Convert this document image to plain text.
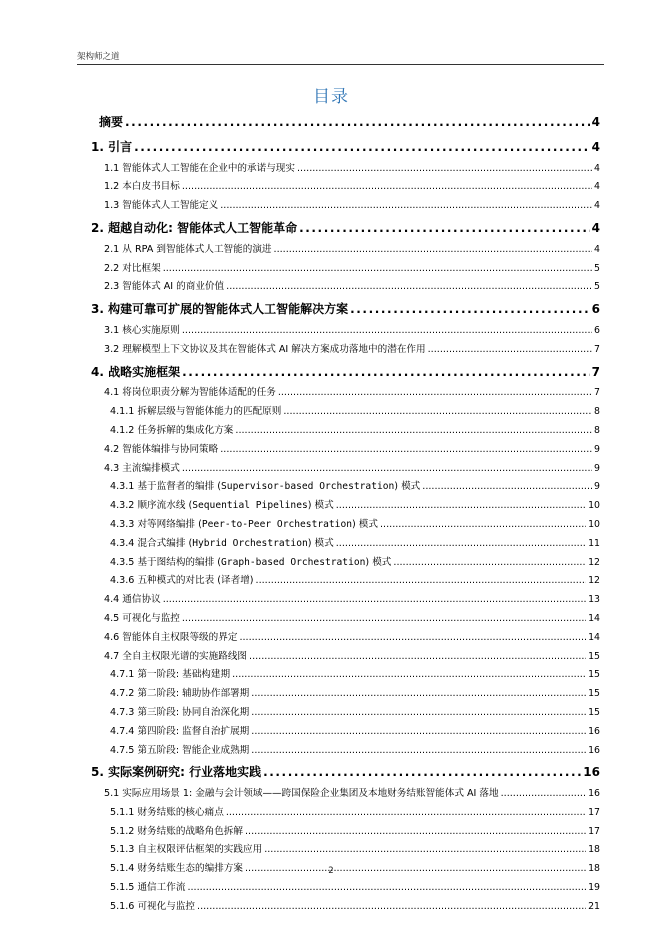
架构师之道
目录
摘要 .....	4
1. 引言 .....	4
1.1 智能体式人工智能在企业中的承诺与现实 .....	4
1.2 本白皮书目标 .....	4
1.3 智能体式人工智能定义 .....	4
2. 超越自动化: 智能体式人工智能革命 .....	4
2.1 从 RPA 到智能体式人工智能的演进 .....	4
2.2 对比框架 .....	5
2.3 智能体式 AI 的商业价值 .....	5
3. 构建可靠可扩展的智能体式人工智能解决方案 .....	6
3.1 核心实施原则 .....	6
3.2 理解模型上下文协议及其在智能体式 AI 解决方案成功落地中的潜在作用 .....	7
4. 战略实施框架 .....	7
4.1 将岗位职责分解为智能体适配的任务 .....	7
4.1.1 拆解层级与智能体能力的匹配原则 .....	8
4.1.2 任务拆解的集成化方案 .....	8
4.2 智能体编排与协同策略 .....	9
4.3 主流编排模式 .....	9
4.3.1 基于监督者的编排 (Supervisor-based Orchestration) 模式 .....	9
4.3.2 顺序流水线 (Sequential Pipelines) 模式 .....	10
4.3.3 对等网络编排 (Peer-to-Peer Orchestration) 模式 .....	10
4.3.4 混合式编排 (Hybrid Orchestration) 模式 .....	11
4.3.5 基于图结构的编排 (Graph-based Orchestration) 模式 .....	12
4.3.6 五种模式的对比表 (译者增) .....	12
4.4 通信协议 .....	13
4.5 可视化与监控 .....	14
4.6 智能体自主权限等级的界定 .....	14
4.7 全自主权限光谱的实施路线图 .....	15
4.7.1 第一阶段: 基础构建期 .....	15
4.7.2 第二阶段: 辅助协作部署期 .....	15
4.7.3 第三阶段: 协同自治深化期 .....	15
4.7.4 第四阶段: 监督自治扩展期 .....	16
4.7.5 第五阶段: 智能企业成熟期 .....	16
5. 实际案例研究: 行业落地实践 .....	16
5.1 实际应用场景 1: 金融与会计领域——跨国保险企业集团及本地财务结账智能体式 AI 落地 .....	16
5.1.1 财务结账的核心痛点 .....	17
5.1.2 财务结账的战略角色拆解 .....	17
5.1.3 自主权限评估框架的实践应用 .....	18
5.1.4 财务结账生态的编排方案 .....	18
5.1.5 通信工作流 .....	19
5.1.6 可视化与监控 .....	21
2
